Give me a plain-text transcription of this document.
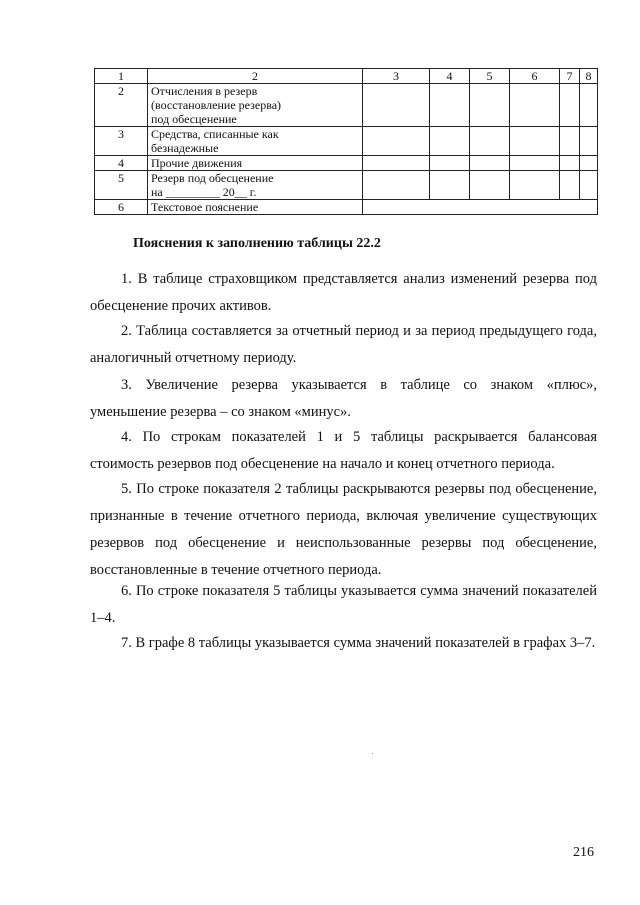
1	2	3	4	5	6	7	8
2	Отчисления в резерв
(восстановление резерва)
под обесценение						

3	Средства, списанные как
безнадежные						

4	Прочие движения						

5	Резерв под обесценение
на _________ 20__ г.						

6	Текстовое пояснение						

Пояснения к заполнению таблицы 22.2

1. В таблице страховщиком представляется анализ изменений резерва под обесценение прочих активов.

2. Таблица составляется за отчетный период и за период предыдущего года, аналогичный отчетному периоду.

3. Увеличение резерва указывается в таблице со знаком «плюс», уменьшение резерва – со знаком «минус».

4. По строкам показателей 1 и 5 таблицы раскрывается балансовая стоимость резервов под обесценение на начало и конец отчетного периода.

5. По строке показателя 2 таблицы раскрываются резервы под обесценение, признанные в течение отчетного периода, включая увеличение существующих резервов под обесценение и неиспользованные резервы под обесценение, восстановленные в течение отчетного периода.

6. По строке показателя 5 таблицы указывается сумма значений показателей 1–4.

7. В графе 8 таблицы указывается сумма значений показателей в графах 3–7.

216
